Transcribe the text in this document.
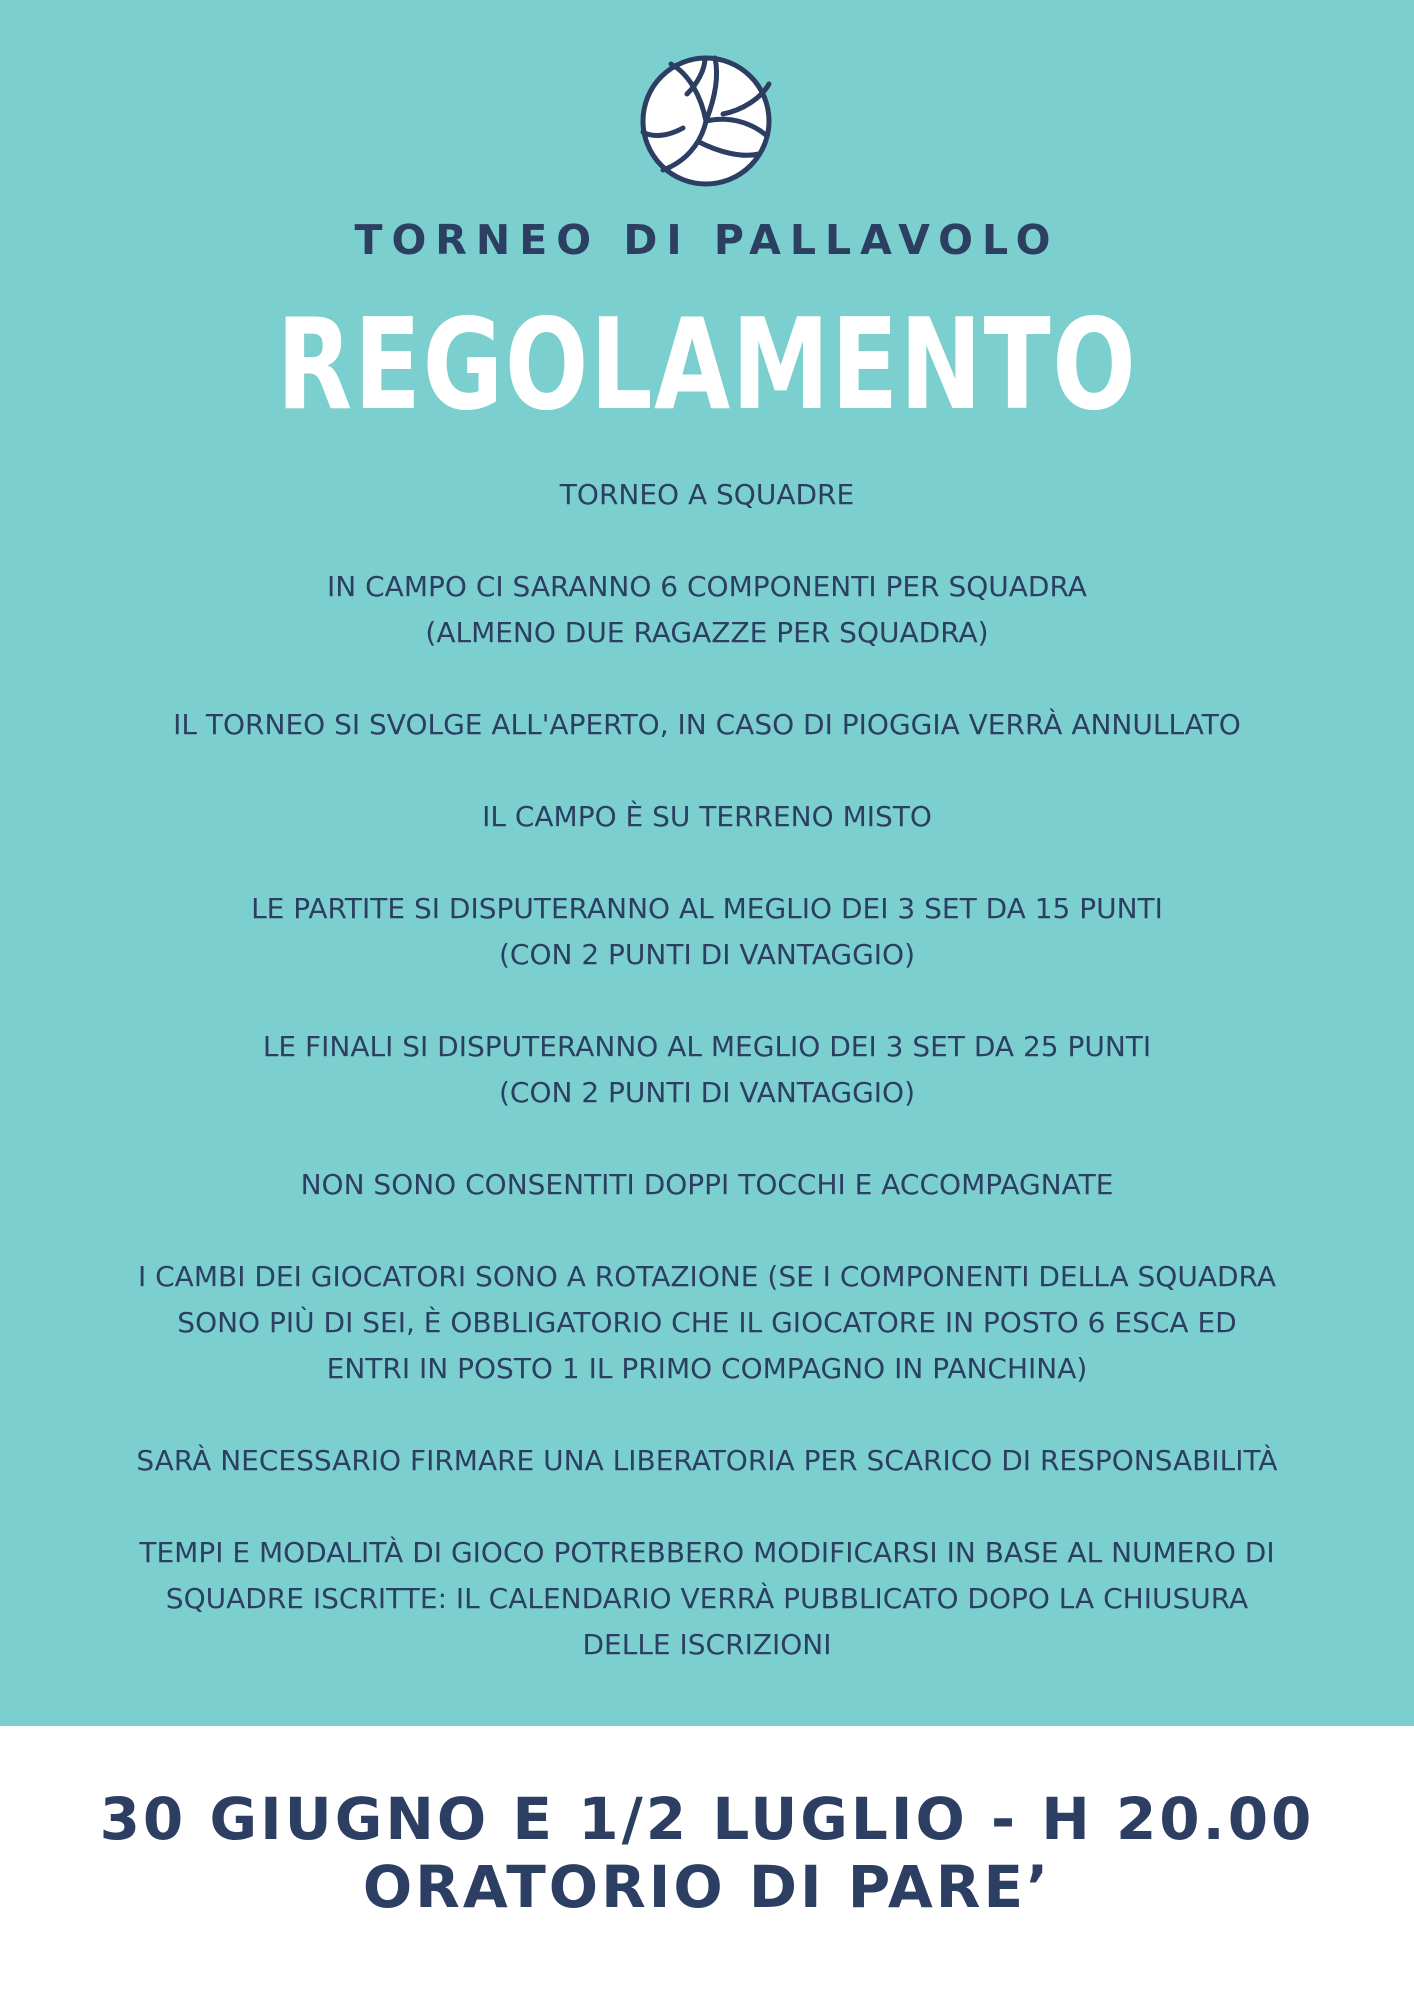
TORNEO DI PALLAVOLO
REGOLAMENTO
TORNEO A SQUADRE
IN CAMPO CI SARANNO 6 COMPONENTI PER SQUADRA
(ALMENO DUE RAGAZZE PER SQUADRA)
IL TORNEO SI SVOLGE ALL'APERTO, IN CASO DI PIOGGIA VERRÀ ANNULLATO
IL CAMPO È SU TERRENO MISTO
LE PARTITE SI DISPUTERANNO AL MEGLIO DEI 3 SET DA 15 PUNTI
(CON 2 PUNTI DI VANTAGGIO)
LE FINALI SI DISPUTERANNO AL MEGLIO DEI 3 SET DA 25 PUNTI
(CON 2 PUNTI DI VANTAGGIO)
NON SONO CONSENTITI DOPPI TOCCHI E ACCOMPAGNATE
I CAMBI DEI GIOCATORI SONO A ROTAZIONE (SE I COMPONENTI DELLA SQUADRA
SONO PIÙ DI SEI, È OBBLIGATORIO CHE IL GIOCATORE IN POSTO 6 ESCA ED
ENTRI IN POSTO 1 IL PRIMO COMPAGNO IN PANCHINA)
SARÀ NECESSARIO FIRMARE UNA LIBERATORIA PER SCARICO DI RESPONSABILITÀ
TEMPI E MODALITÀ DI GIOCO POTREBBERO MODIFICARSI IN BASE AL NUMERO DI
SQUADRE ISCRITTE: IL CALENDARIO VERRÀ PUBBLICATO DOPO LA CHIUSURA
DELLE ISCRIZIONI
30 GIUGNO E 1/2 LUGLIO - H 20.00
ORATORIO DI PARE’
